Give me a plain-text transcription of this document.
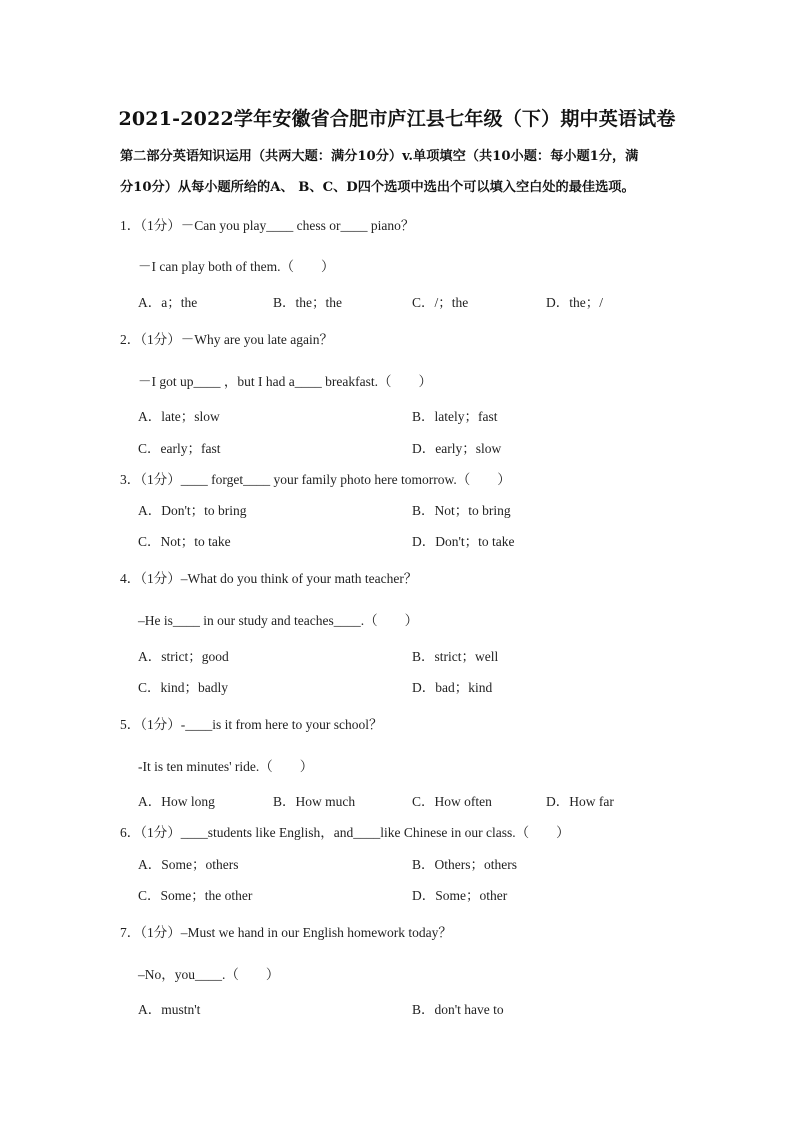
2021-2022学年安徽省合肥市庐江县七年级（下）期中英语试卷
第二部分英语知识运用（共两大题：满分10分）v.单项填空（共10小题：每小题1分，满
分10分）从每小题所给的A、 B、C、D四个选项中选出个可以填入空白处的最佳选项。
1．（1分）－Can you play____ chess or____ piano？
－I can play both of them.（　　）
A．a；the	B．the；the	C．/；the	D．the；/
2．（1分）－Why are you late again？
－I got up____ ，but I had a____ breakfast.（　　）
A．late；slow	B．lately；fast
C．early；fast	D．early；slow
3．（1分）____ forget____ your family photo here tomorrow.（　　）
A．Don't；to bring	B．Not；to bring
C．Not；to take	D．Don't；to take
4．（1分）–What do you think of your math teacher？
–He is____ in our study and teaches____.（　　）
A．strict；good	B．strict；well
C．kind；badly	D．bad；kind
5．（1分）-____is it from here to your school？
-It is ten minutes' ride.（　　）
A．How long	B．How much	C．How often	D．How far
6．（1分）____students like English，and____like Chinese in our class.（　　）
A．Some；others	B．Others；others
C．Some；the other	D．Some；other
7．（1分）–Must we hand in our English homework today？
–No，you____.（　　）
A．mustn't	B．don't have to
